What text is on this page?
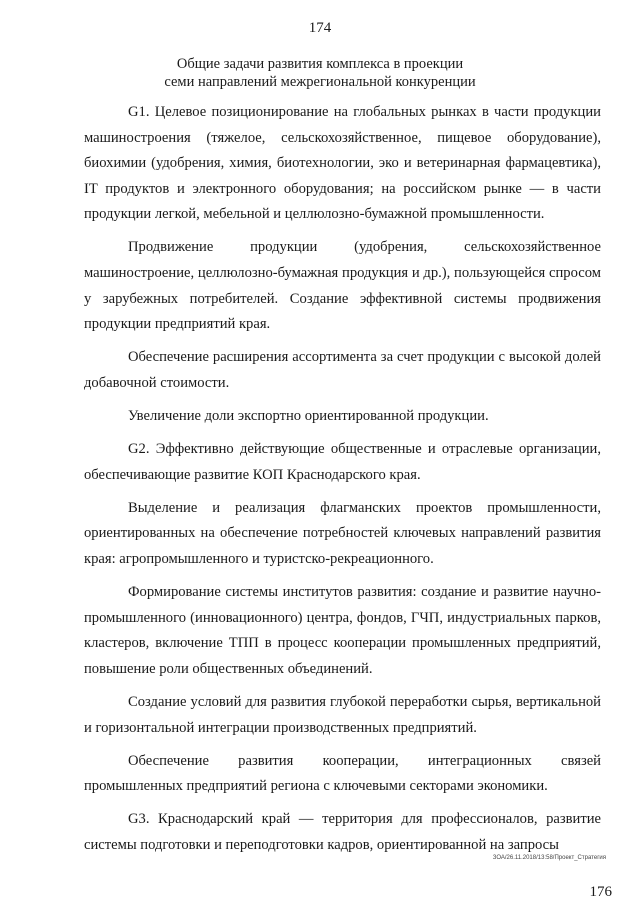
174
Общие задачи развития комплекса в проекции
семи направлений межрегиональной конкуренции

G1. Целевое позиционирование на глобальных рынках в части продукции машиностроения (тяжелое, сельскохозяйственное, пищевое оборудование), биохимии (удобрения, химия, биотехнологии, эко и ветеринарная фармацевтика), IT продуктов и электронного оборудования; на российском рынке — в части продукции легкой, мебельной и целлюлозно-бумажной промышленности.

Продвижение продукции (удобрения, сельскохозяйственное машиностроение, целлюлозно-бумажная продукция и др.), пользующейся спросом у зарубежных потребителей. Создание эффективной системы продвижения продукции предприятий края.

Обеспечение расширения ассортимента за счет продукции с высокой долей добавочной стоимости.

Увеличение доли экспортно ориентированной продукции.

G2. Эффективно действующие общественные и отраслевые организации, обеспечивающие развитие КОП Краснодарского края.

Выделение и реализация флагманских проектов промышленности, ориентированных на обеспечение потребностей ключевых направлений развития края: агропромышленного и туристско-рекреационного.

Формирование системы институтов развития: создание и развитие научно-промышленного (инновационного) центра, фондов, ГЧП, индустриальных парков, кластеров, включение ТПП в процесс кооперации промышленных предприятий, повышение роли общественных объединений.

Создание условий для развития глубокой переработки сырья, вертикальной и горизонтальной интеграции производственных предприятий.

Обеспечение развития кооперации, интеграционных связей промышленных предприятий региона с ключевыми секторами экономики.

G3. Краснодарский край — территория для профессионалов, развитие системы подготовки и переподготовки кадров, ориентированной на запросы

ЗОА/26.11.2018/13:58/Проект_Стратегия
176
